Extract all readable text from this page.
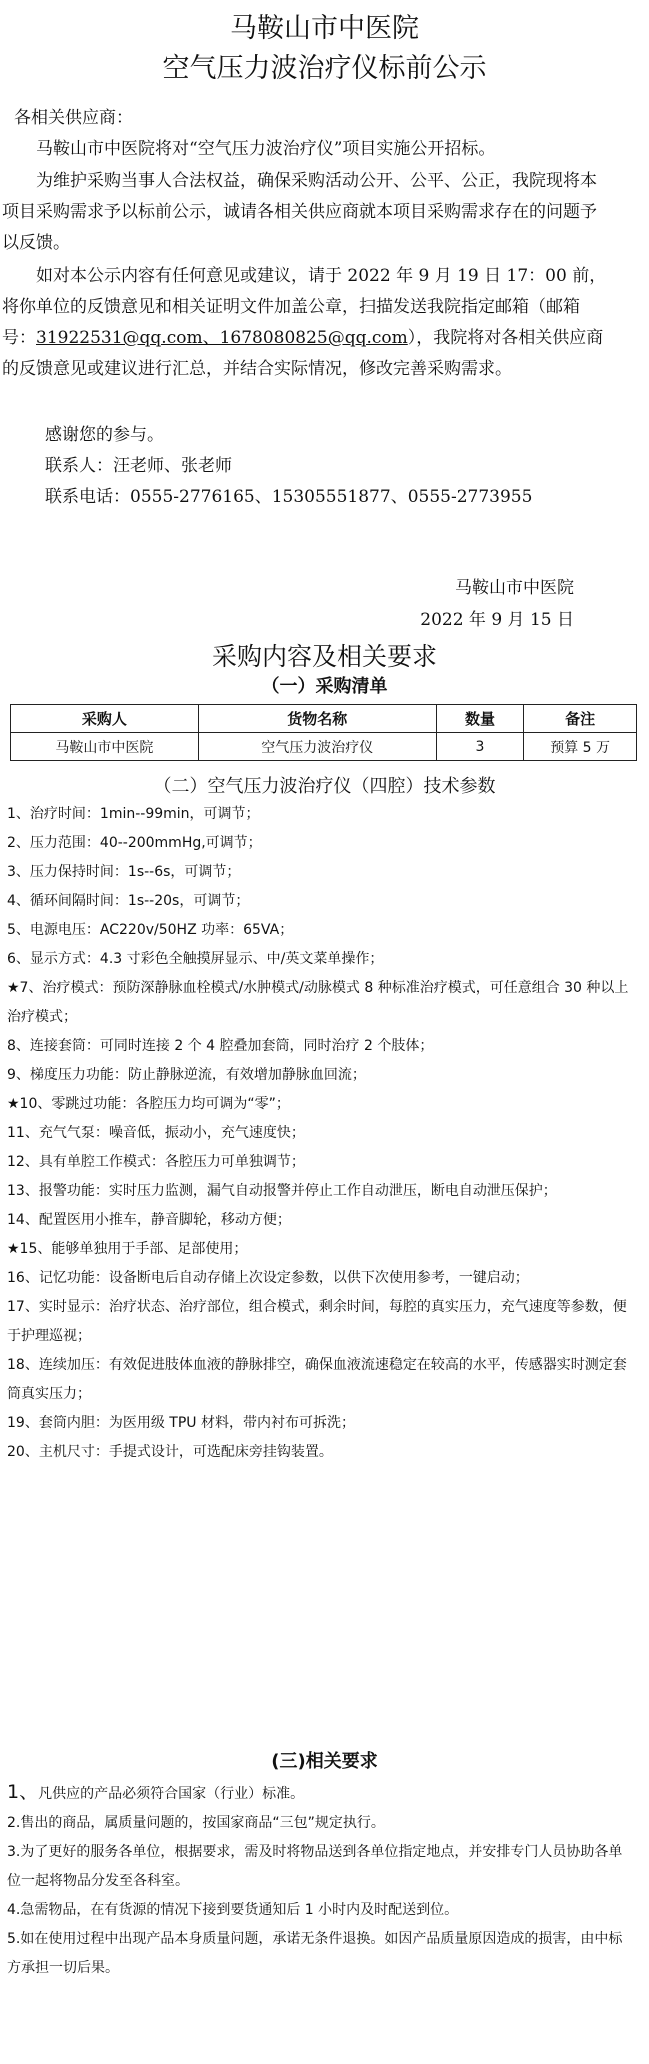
马鞍山市中医院
空气压力波治疗仪标前公示
各相关供应商：
马鞍山市中医院将对“空气压力波治疗仪”项目实施公开招标。
为维护采购当事人合法权益，确保采购活动公开、公平、公正，我院现将本项目采购需求予以标前公示，诚请各相关供应商就本项目采购需求存在的问题予以反馈。
如对本公示内容有任何意见或建议，请于 2022 年 9 月 19 日 17：00 前，将你单位的反馈意见和相关证明文件加盖公章，扫描发送我院指定邮箱（邮箱号：31922531@qq.com、1678080825@qq.com），我院将对各相关供应商的反馈意见或建议进行汇总，并结合实际情况，修改完善采购需求。
感谢您的参与。
联系人：汪老师、张老师
联系电话：0555-2776165、15305551877、0555-2773955
马鞍山市中医院
2022 年 9 月 15 日
采购内容及相关要求
（一）采购清单
采购人	货物名称	数量	备注
马鞍山市中医院	空气压力波治疗仪	3	预算 5 万
（二）空气压力波治疗仪（四腔）技术参数
1、治疗时间：1min--99min，可调节；
2、压力范围：40--200mmHg,可调节；
3、压力保持时间：1s--6s，可调节；
4、循环间隔时间：1s--20s，可调节；
5、电源电压：AC220v/50HZ 功率：65VA；
6、显示方式：4.3 寸彩色全触摸屏显示、中/英文菜单操作；
★7、治疗模式：预防深静脉血栓模式/水肿模式/动脉模式 8 种标准治疗模式，可任意组合 30 种以上治疗模式；
8、连接套筒：可同时连接 2 个 4 腔叠加套筒，同时治疗 2 个肢体；
9、梯度压力功能：防止静脉逆流，有效增加静脉血回流；
★10、零跳过功能：各腔压力均可调为“零”；
11、充气气泵：噪音低，振动小，充气速度快；
12、具有单腔工作模式：各腔压力可单独调节；
13、报警功能：实时压力监测，漏气自动报警并停止工作自动泄压，断电自动泄压保护；
14、配置医用小推车，静音脚轮，移动方便；
★15、能够单独用于手部、足部使用；
16、记忆功能：设备断电后自动存储上次设定参数，以供下次使用参考，一键启动；
17、实时显示：治疗状态、治疗部位，组合模式，剩余时间，每腔的真实压力，充气速度等参数，便于护理巡视；
18、连续加压：有效促进肢体血液的静脉排空，确保血液流速稳定在较高的水平，传感器实时测定套筒真实压力；
19、套筒内胆：为医用级 TPU 材料，带内衬布可拆洗；
20、主机尺寸：手提式设计，可选配床旁挂钩装置。
(三)相关要求
1、凡供应的产品必须符合国家（行业）标准。
2.售出的商品，属质量问题的，按国家商品“三包”规定执行。
3.为了更好的服务各单位，根据要求，需及时将物品送到各单位指定地点，并安排专门人员协助各单位一起将物品分发至各科室。
4.急需物品，在有货源的情况下接到要货通知后 1 小时内及时配送到位。
5.如在使用过程中出现产品本身质量问题，承诺无条件退换。如因产品质量原因造成的损害，由中标方承担一切后果。
